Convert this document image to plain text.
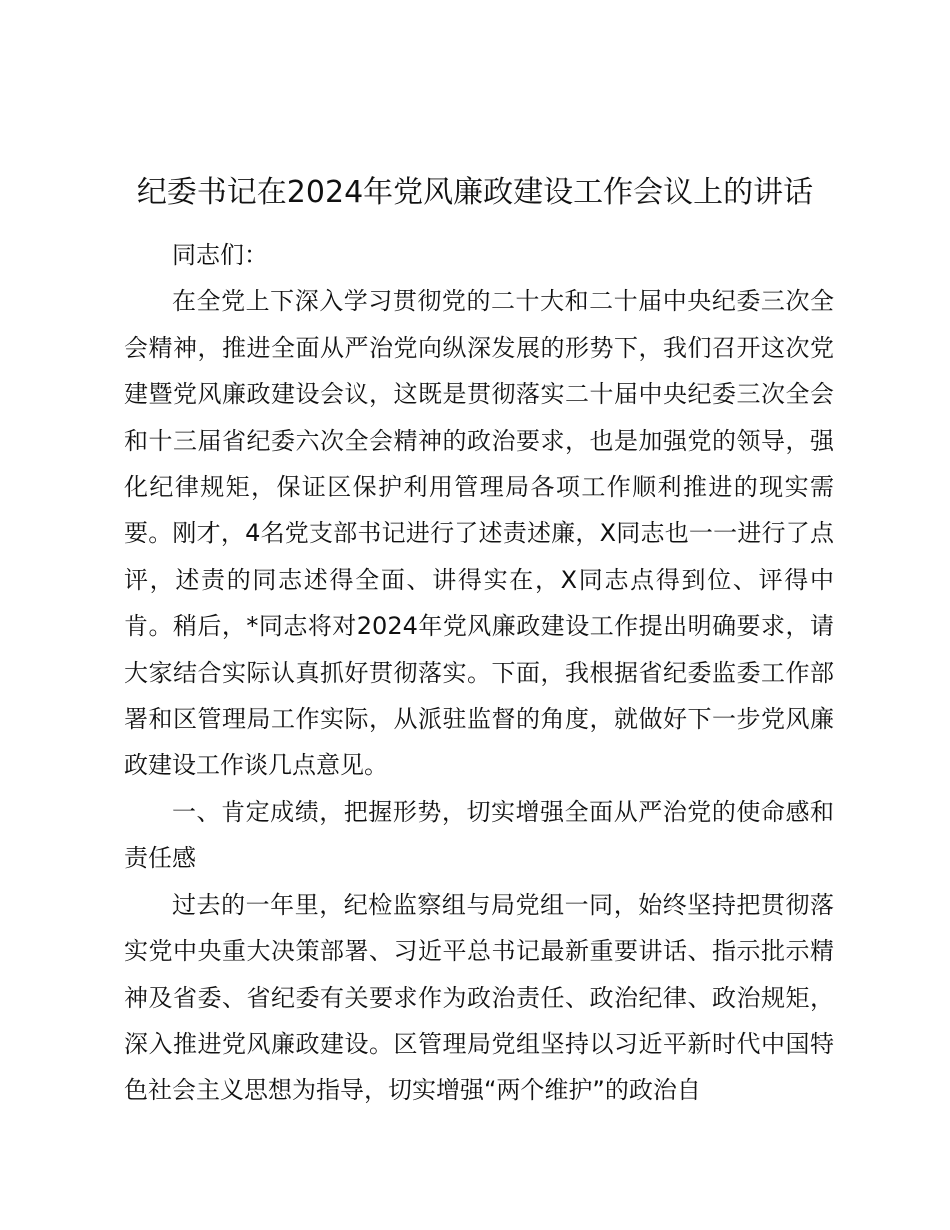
纪委书记在2024年党风廉政建设工作会议上的讲话

同志们：

在全党上下深入学习贯彻党的二十大和二十届中央纪委三次全会精神，推进全面从严治党向纵深发展的形势下，我们召开这次党建暨党风廉政建设会议，这既是贯彻落实二十届中央纪委三次全会和十三届省纪委六次全会精神的政治要求，也是加强党的领导，强化纪律规矩，保证区保护利用管理局各项工作顺利推进的现实需要。刚才，4名党支部书记进行了述责述廉，X同志也一一进行了点评，述责的同志述得全面、讲得实在，X同志点得到位、评得中肯。稍后，*同志将对2024年党风廉政建设工作提出明确要求，请大家结合实际认真抓好贯彻落实。下面，我根据省纪委监委工作部署和区管理局工作实际，从派驻监督的角度，就做好下一步党风廉政建设工作谈几点意见。

一、肯定成绩，把握形势，切实增强全面从严治党的使命感和责任感

过去的一年里，纪检监察组与局党组一同，始终坚持把贯彻落实党中央重大决策部署、习近平总书记最新重要讲话、指示批示精神及省委、省纪委有关要求作为政治责任、政治纪律、政治规矩，深入推进党风廉政建设。区管理局党组坚持以习近平新时代中国特色社会主义思想为指导，切实增强“两个维护”的政治自
